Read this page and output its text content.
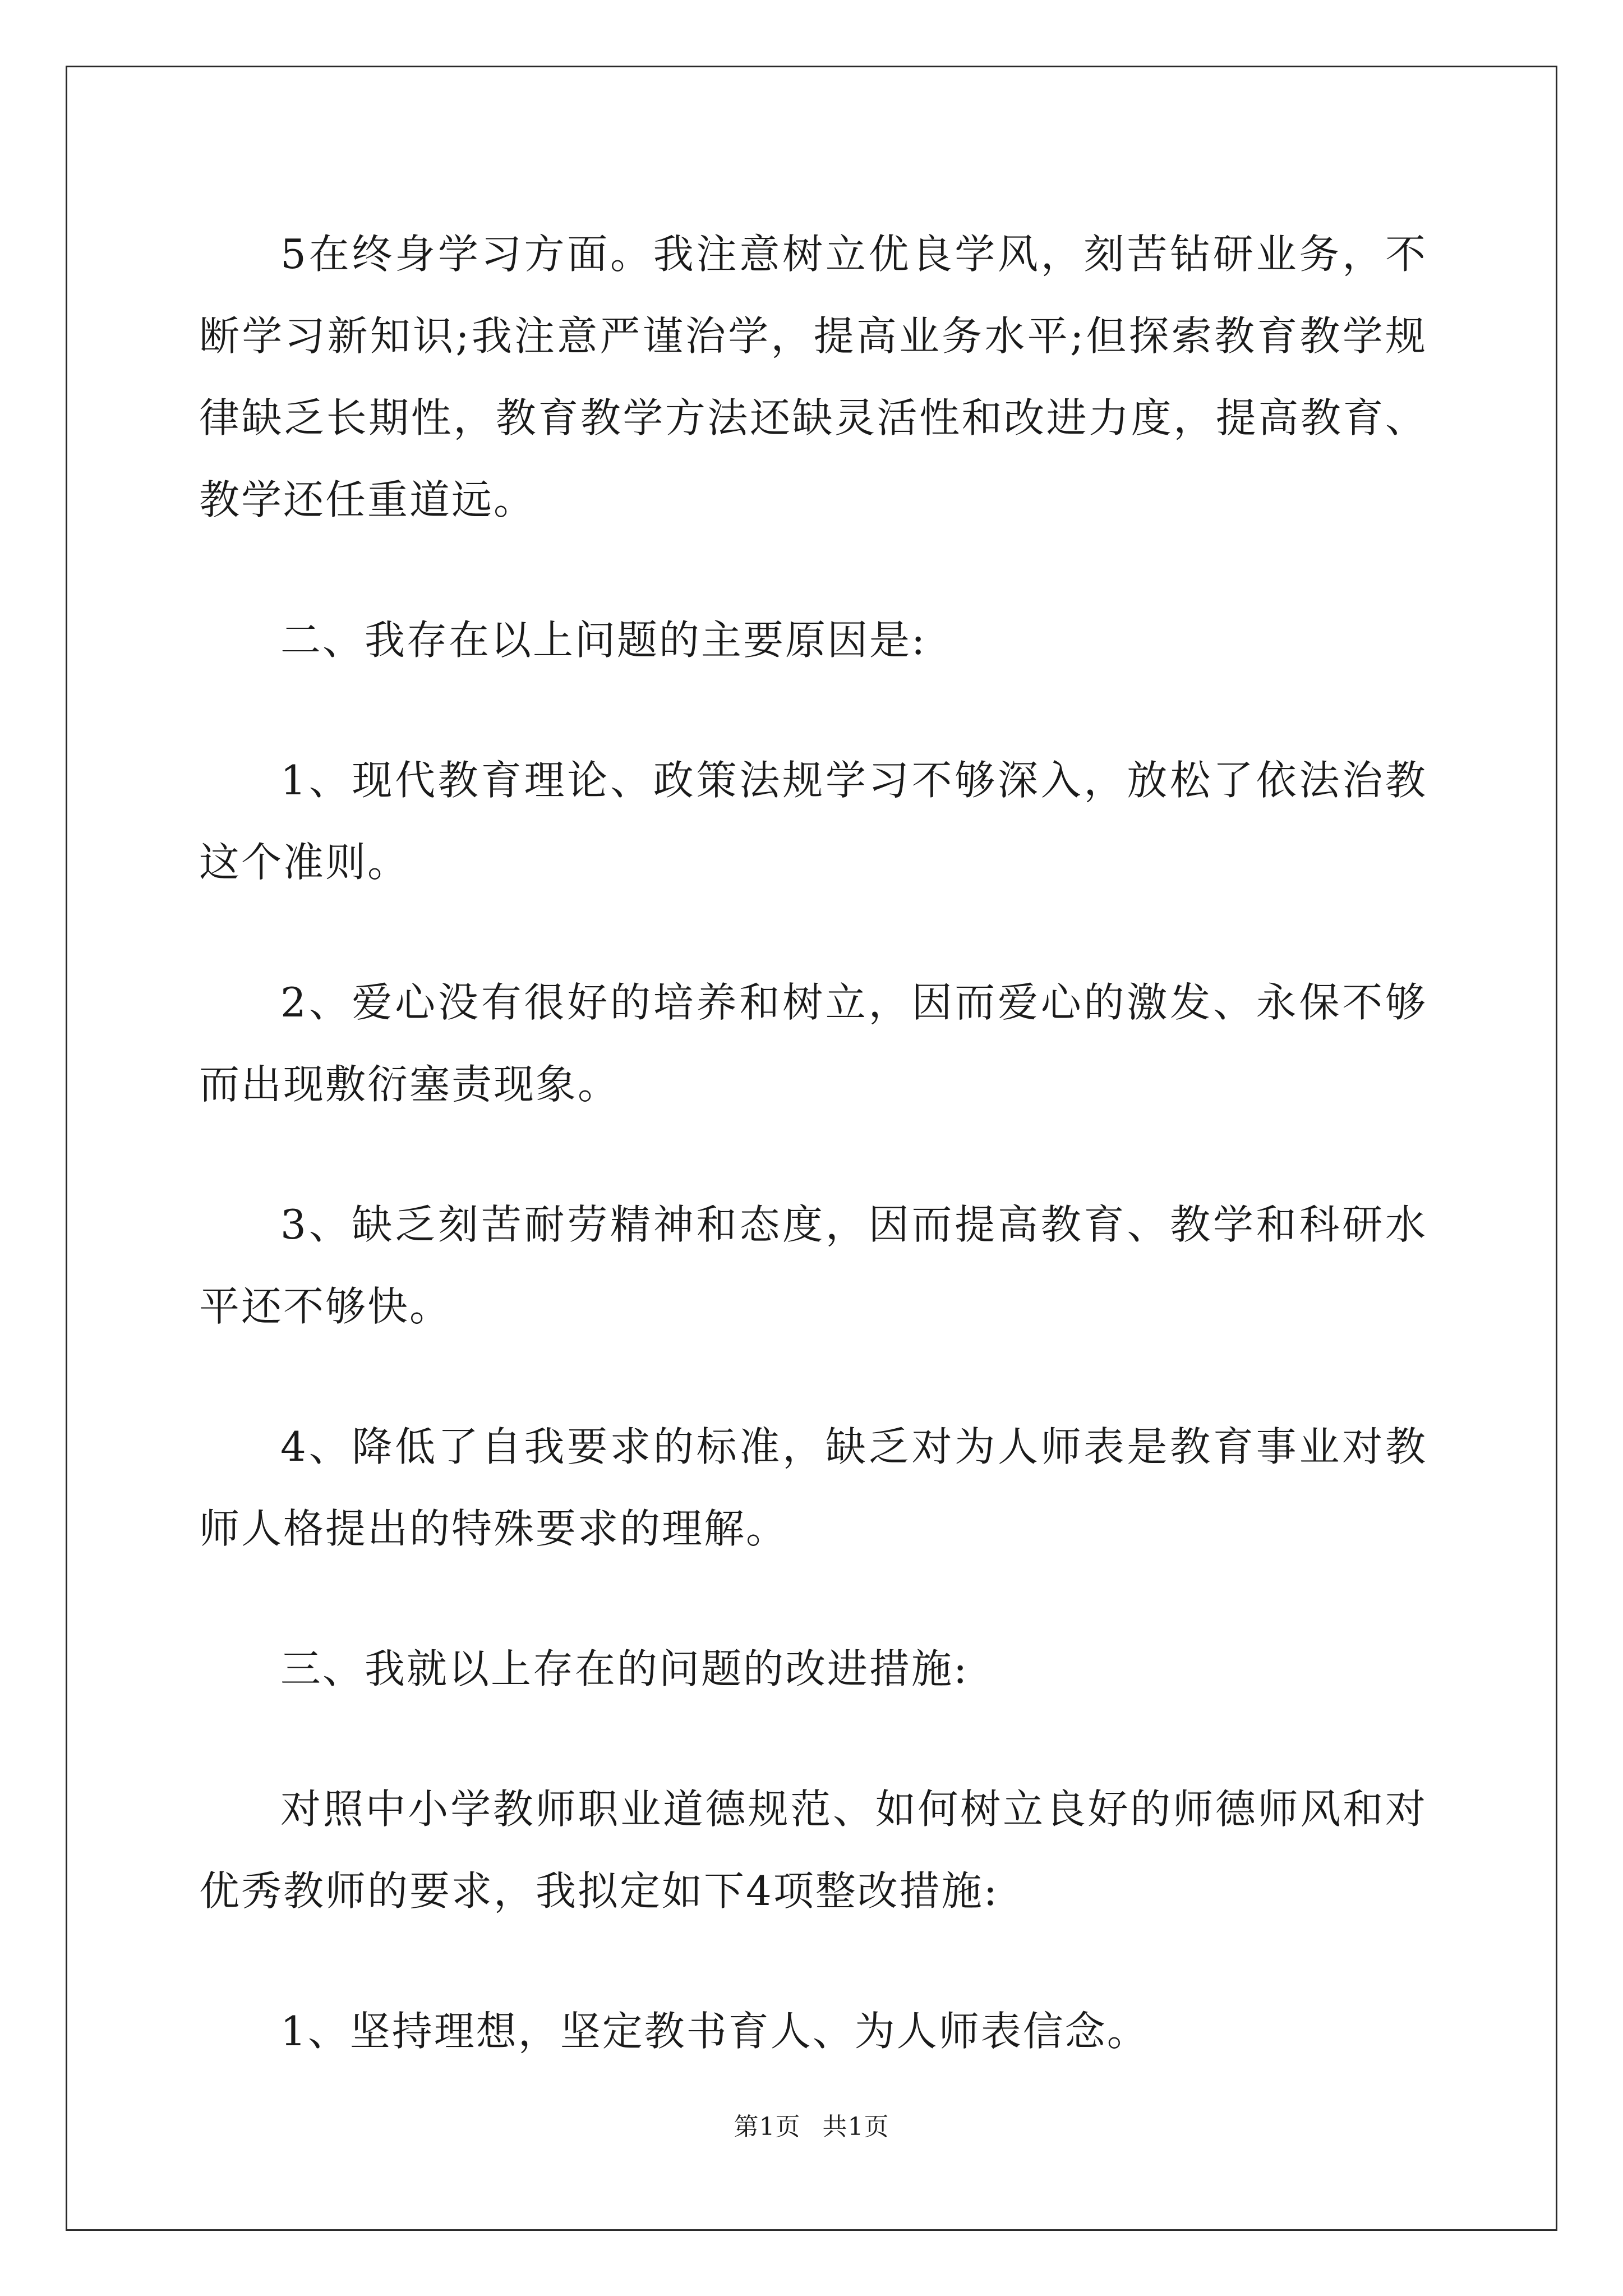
5在终身学习方面。我注意树立优良学风，刻苦钻研业务，不断学习新知识;我注意严谨治学，提高业务水平;但探索教育教学规律缺乏长期性，教育教学方法还缺灵活性和改进力度，提高教育、教学还任重道远。

二、我存在以上问题的主要原因是:

1、现代教育理论、政策法规学习不够深入，放松了依法治教这个准则。

2、爱心没有很好的培养和树立，因而爱心的激发、永保不够而出现敷衍塞责现象。

3、缺乏刻苦耐劳精神和态度，因而提高教育、教学和科研水平还不够快。

4、降低了自我要求的标准，缺乏对为人师表是教育事业对教师人格提出的特殊要求的理解。

三、我就以上存在的问题的改进措施:

对照中小学教师职业道德规范、如何树立良好的师德师风和对优秀教师的要求，我拟定如下4项整改措施:

1、坚持理想，坚定教书育人、为人师表信念。

第1页 共1页
